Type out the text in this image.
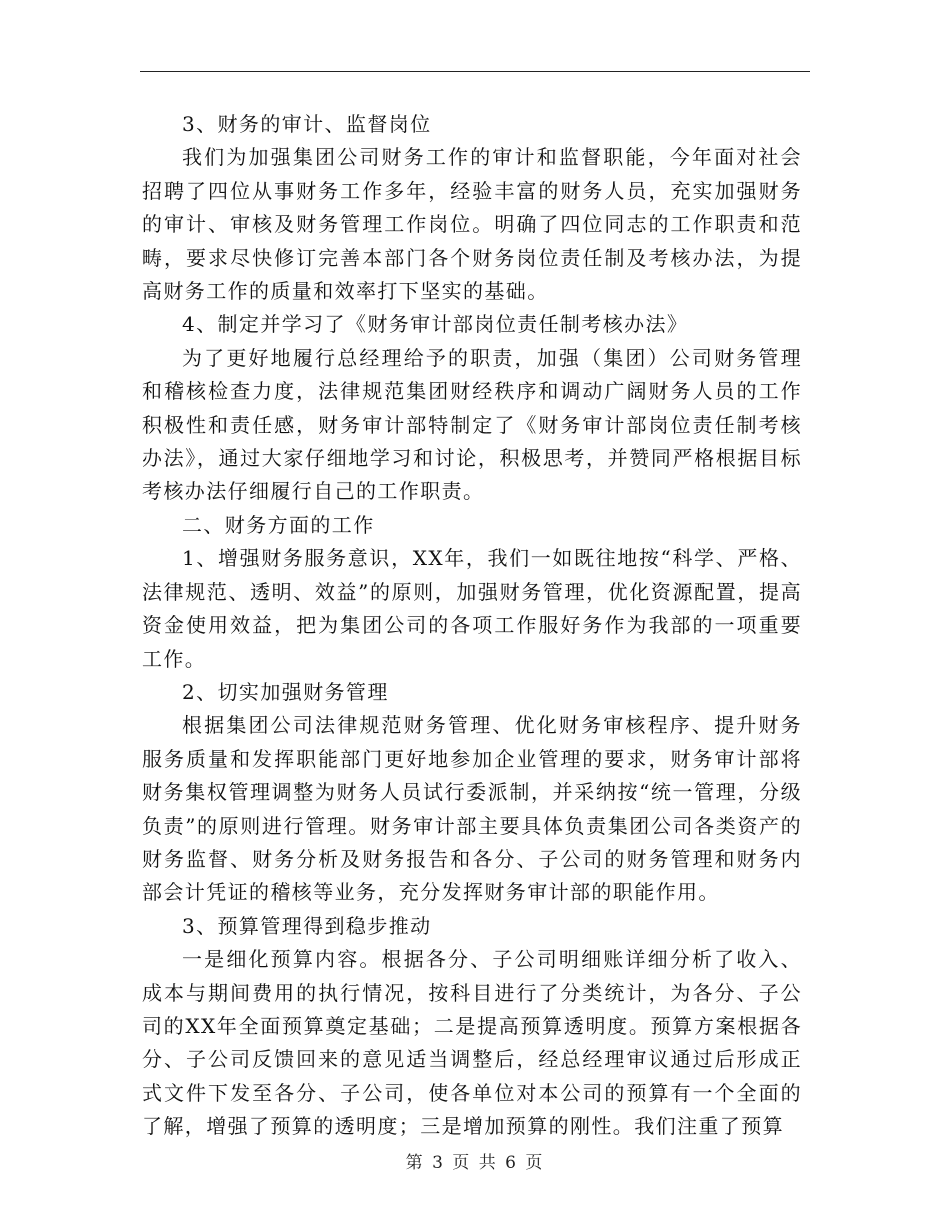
3、财务的审计、监督岗位

我们为加强集团公司财务工作的审计和监督职能，今年面对社会招聘了四位从事财务工作多年，经验丰富的财务人员，充实加强财务的审计、审核及财务管理工作岗位。明确了四位同志的工作职责和范畴，要求尽快修订完善本部门各个财务岗位责任制及考核办法，为提高财务工作的质量和效率打下坚实的基础。

4、制定并学习了《财务审计部岗位责任制考核办法》

为了更好地履行总经理给予的职责，加强（集团）公司财务管理和稽核检查力度，法律规范集团财经秩序和调动广阔财务人员的工作积极性和责任感，财务审计部特制定了《财务审计部岗位责任制考核办法》，通过大家仔细地学习和讨论，积极思考，并赞同严格根据目标考核办法仔细履行自己的工作职责。

二、财务方面的工作

1、增强财务服务意识，XX年，我们一如既往地按“科学、严格、法律规范、透明、效益”的原则，加强财务管理，优化资源配置，提高资金使用效益，把为集团公司的各项工作服好务作为我部的一项重要工作。

2、切实加强财务管理

根据集团公司法律规范财务管理、优化财务审核程序、提升财务服务质量和发挥职能部门更好地参加企业管理的要求，财务审计部将财务集权管理调整为财务人员试行委派制，并采纳按“统一管理，分级负责”的原则进行管理。财务审计部主要具体负责集团公司各类资产的财务监督、财务分析及财务报告和各分、子公司的财务管理和财务内部会计凭证的稽核等业务，充分发挥财务审计部的职能作用。

3、预算管理得到稳步推动

一是细化预算内容。根据各分、子公司明细账详细分析了收入、成本与期间费用的执行情况，按科目进行了分类统计，为各分、子公司的XX年全面预算奠定基础；二是提高预算透明度。预算方案根据各分、子公司反馈回来的意见适当调整后，经总经理审议通过后形成正式文件下发至各分、子公司，使各单位对本公司的预算有一个全面的了解，增强了预算的透明度；三是增加预算的刚性。我们注重了预算

第 3 页 共 6 页
